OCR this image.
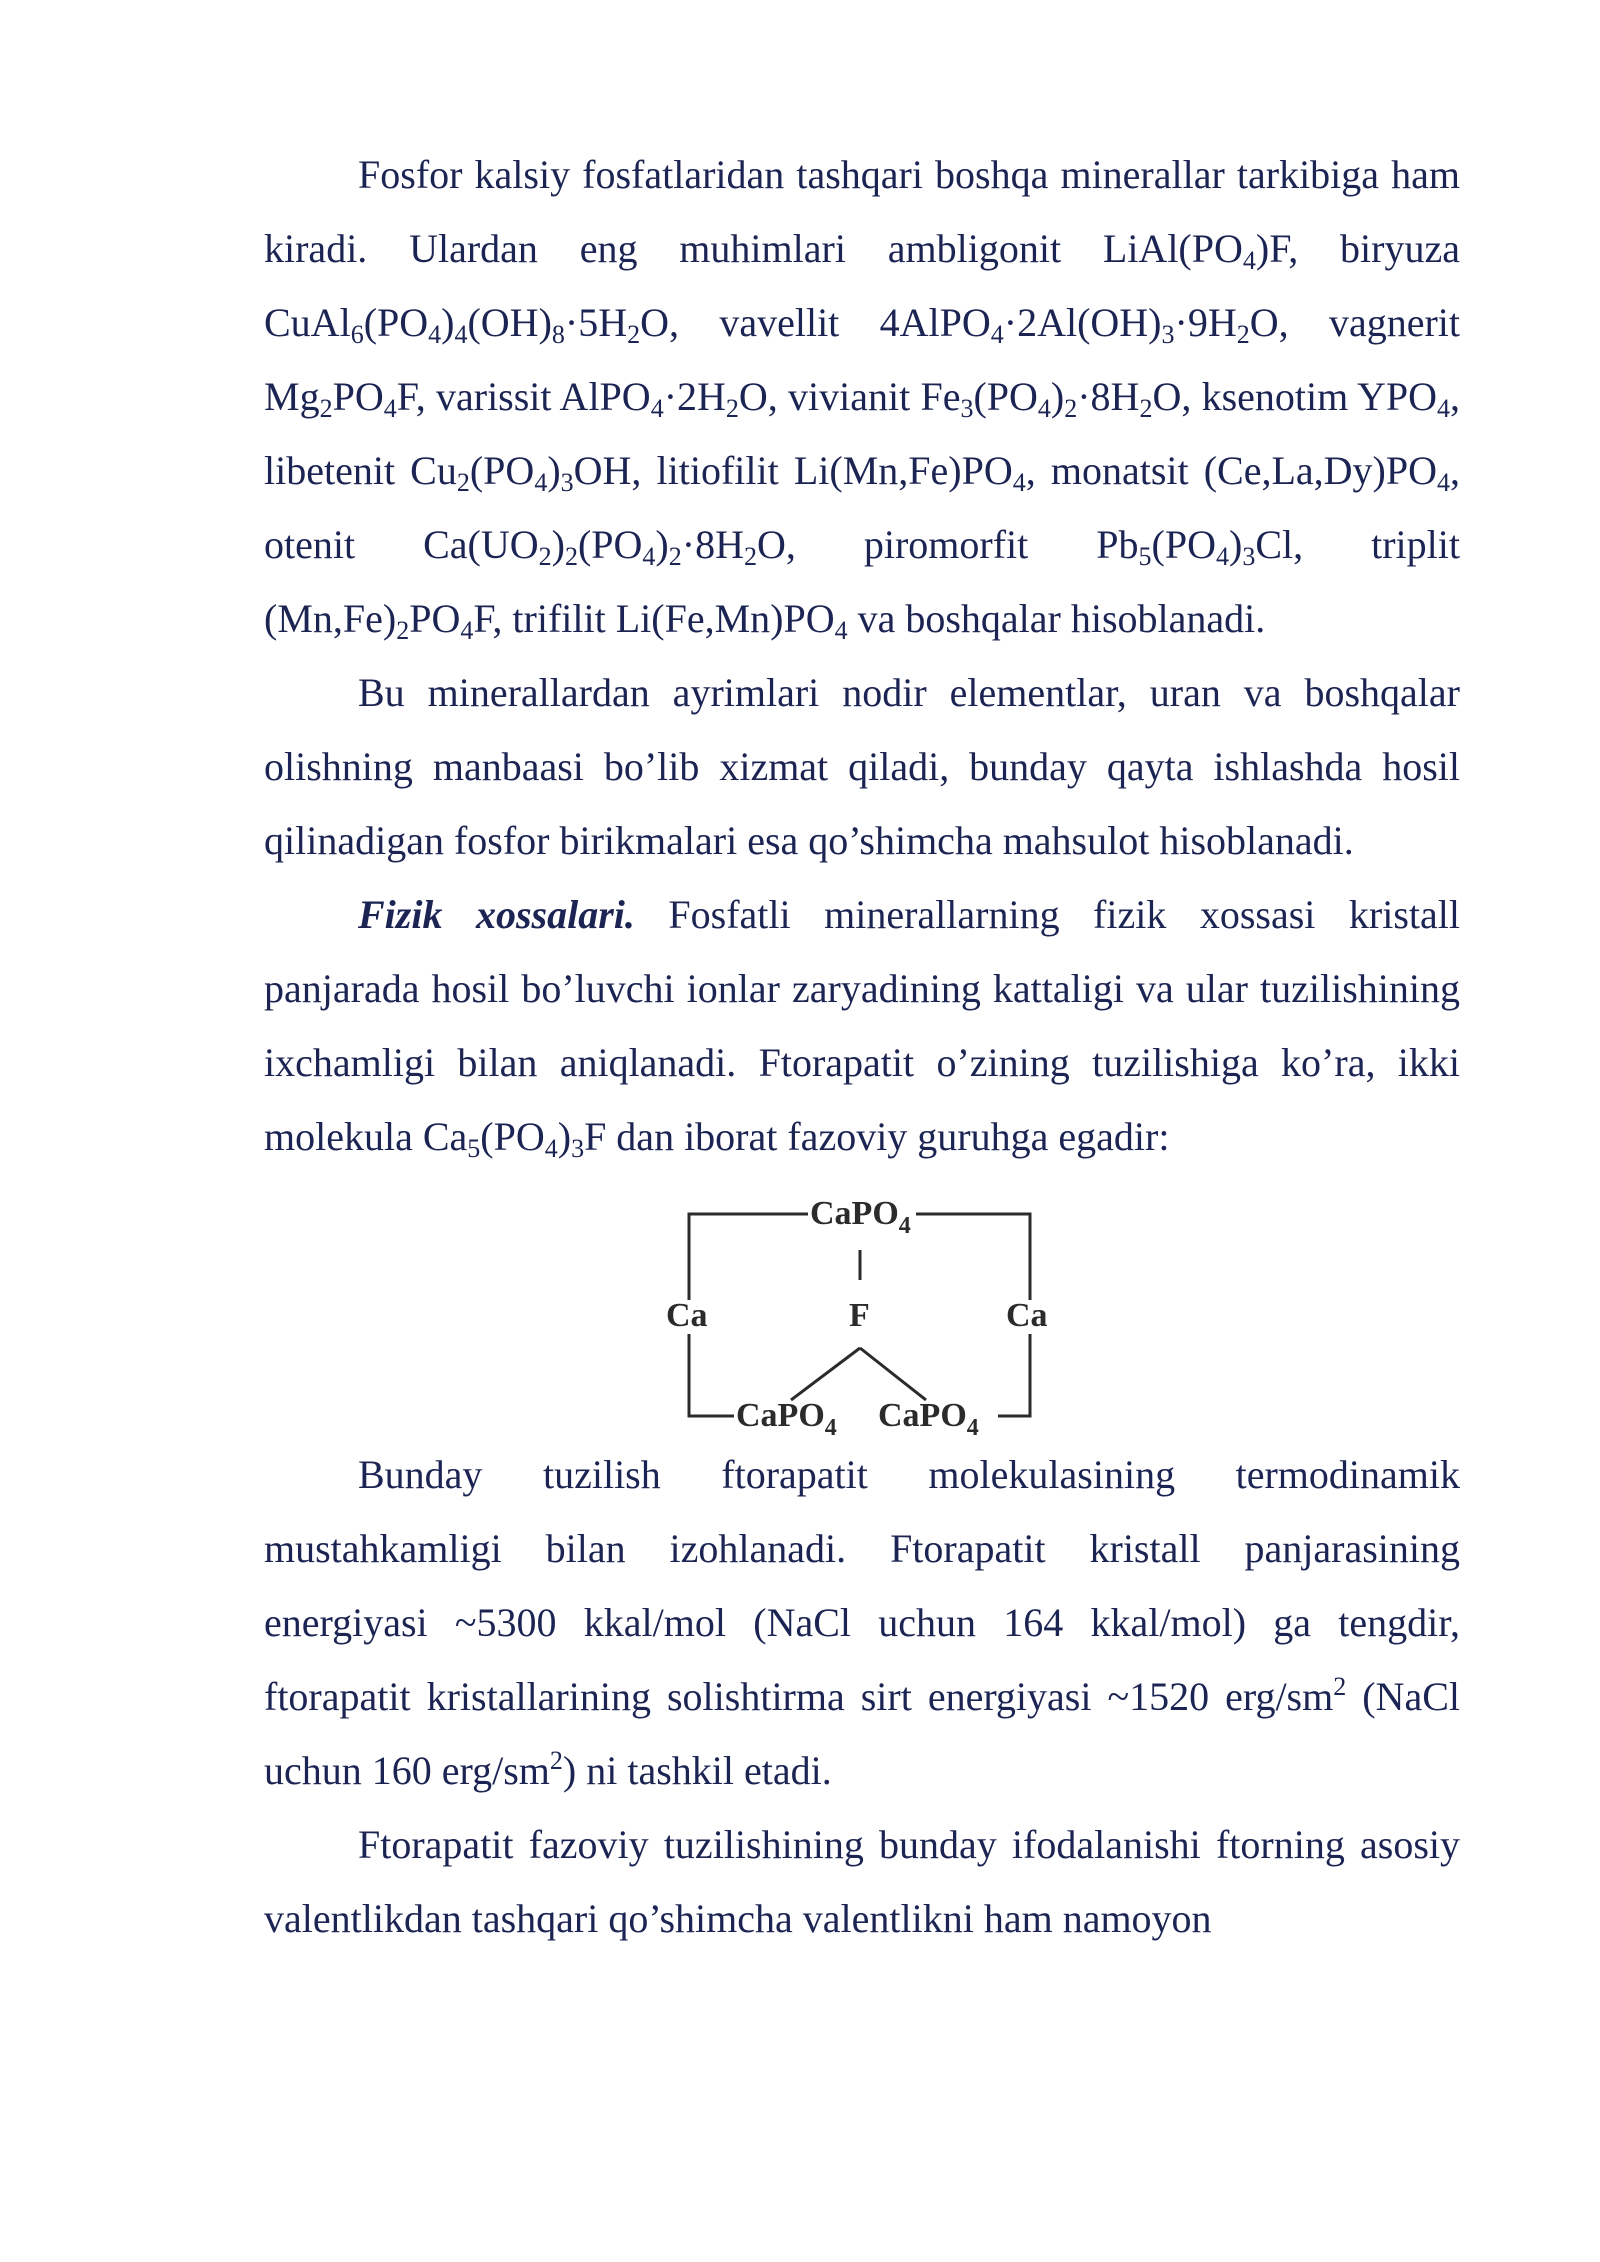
Fosfor kalsiy fosfatlaridan tashqari boshqa minerallar tarkibiga ham kiradi. Ulardan eng muhimlari ambligonit $LiAl(PO_4)F$, biryuza $CuAl_6(PO_4)_4(OH)_8\cdot 5H_2O$, vavellit $4AlPO_4\cdot 2Al(OH)_3\cdot 9H_2O$, vagnerit $Mg_2PO_4F$, varissit $AlPO_4\cdot 2H_2O$, vivianit $Fe_3(PO_4)_2\cdot 8H_2O$, ksenotim $YPO_4$, libetenit $Cu_2(PO_4)_3OH$, litiofilit $Li(Mn,Fe)PO_4$, monatsit $(Ce,La,Dy)PO_4$, otenit $Ca(UO_2)_2(PO_4)_2\cdot 8H_2O$, piromorfit $Pb_5(PO_4)_3Cl$, triplit $(Mn,Fe)_2PO_4F$, trifilit $Li(Fe,Mn)PO_4$ va boshqalar hisoblanadi.

Bu minerallardan ayrimlari nodir elementlar, uran va boshqalar olishning manbaasi bo’lib xizmat qiladi, bunday qayta ishlashda hosil qilinadigan fosfor birikmalari esa qo’shimcha mahsulot hisoblanadi.

Fizik xossalari. Fosfatli minerallarning fizik xossasi kristall panjarada hosil bo’luvchi ionlar zaryadining kattaligi va ular tuzilishining ixchamligi bilan aniqlanadi. Ftorapatit o’zining tuzilishiga ko’ra, ikki molekula $Ca_5(PO_4)_3F$ dan iborat fazoviy guruhga egadir:

CaPO$_4$
Ca	F	Ca
CaPO$_4$ CaPO$_4$

Bunday tuzilish ftorapatit molekulasining termodinamik mustahkamligi bilan izohlanadi. Ftorapatit kristall panjarasining energiyasi ~5300 kkal/mol (NaCl uchun 164 kkal/mol) ga tengdir, ftorapatit kristallarining solishtirma sirt energiyasi ~1520 erg/$sm^2$ (NaCl uchun 160 erg/$sm^2$) ni tashkil etadi.

Ftorapatit fazoviy tuzilishining bunday ifodalanishi ftorning asosiy valentlikdan tashqari qo’shimcha valentlikni ham namoyon
